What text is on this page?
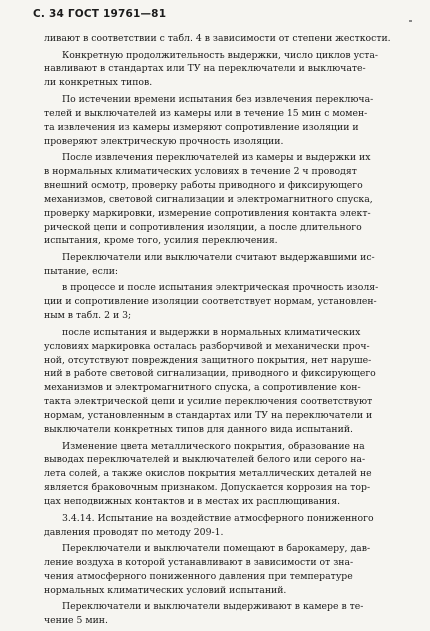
С. 34 ГОСТ 19761—81
ливают в соответствии с табл. 4 в зависимости от степени жесткости.
Конкретную продолжительность выдержки, число циклов уста-
навливают в стандартах или ТУ на переключатели и выключате-
ли конкретных типов.
По истечении времени испытания без извлечения переключа-
телей и выключателей из камеры или в течение 15 мин с момен-
та извлечения из камеры измеряют сопротивление изоляции и
проверяют электрическую прочность изоляции.
После извлечения переключателей из камеры и выдержки их
в нормальных климатических условиях в течение 2 ч проводят
внешний осмотр, проверку работы приводного и фиксирующего
механизмов, световой сигнализации и электромагнитного спуска,
проверку маркировки, измерение сопротивления контакта элект-
рической цепи и сопротивления изоляции, а после длительного
испытания, кроме того, усилия переключения.
Переключатели или выключатели считают выдержавшими ис-
пытание, если:
в процессе и после испытания электрическая прочность изоля-
ции и сопротивление изоляции соответствует нормам, установлен-
ным в табл. 2 и 3;
после испытания и выдержки в нормальных климатических
условиях маркировка осталась разборчивой и механически проч-
ной, отсутствуют повреждения защитного покрытия, нет наруше-
ний в работе световой сигнализации, приводного и фиксирующего
механизмов и электромагнитного спуска, а сопротивление кон-
такта электрической цепи и усилие переключения соответствуют
нормам, установленным в стандартах или ТУ на переключатели и
выключатели конкретных типов для данного вида испытаний.
Изменение цвета металлического покрытия, образование на
выводах переключателей и выключателей белого или серого на-
лета солей, а также окислов покрытия металлических деталей не
является браковочным признаком. Допускается коррозия на тор-
цах неподвижных контактов и в местах их расплющивания.
3.4.14. Испытание на воздействие атмосферного пониженного
давления проводят по методу 209-1.
Переключатели и выключатели помещают в барокамеру, дав-
ление воздуха в которой устанавливают в зависимости от зна-
чения атмосферного пониженного давления при температуре
нормальных климатических условий испытаний.
Переключатели и выключатели выдерживают в камере в те-
чение 5 мин.
